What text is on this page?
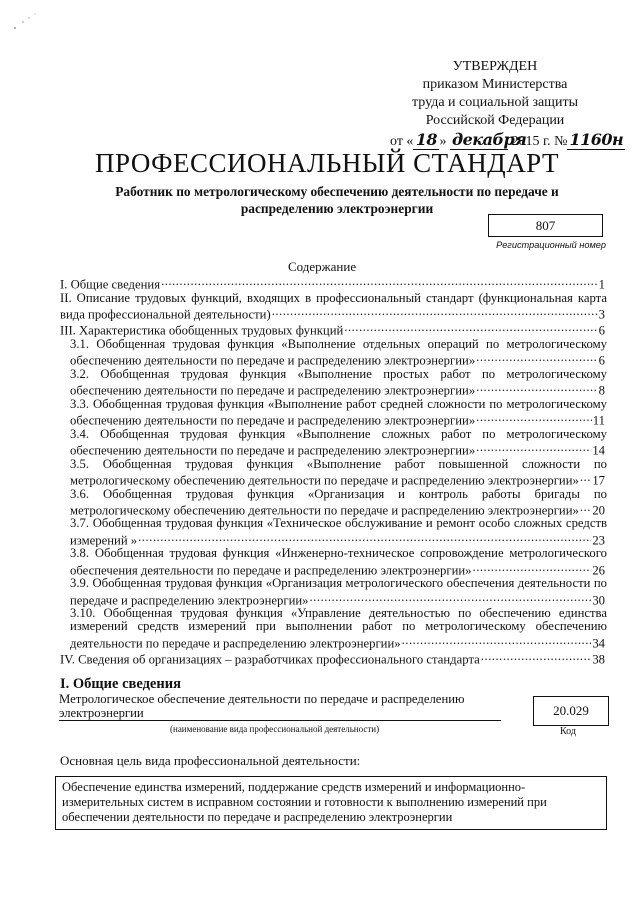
УТВЕРЖДЕН
приказом Министерства
труда и социальной защиты
Российской Федерации
от « 18 » декабря 2015 г. № 1160н
ПРОФЕССИОНАЛЬНЫЙ СТАНДАРТ
Работник по метрологическому обеспечению деятельности по передаче и распределению электроэнергии
807
Регистрационный номер
Содержание
I. Общие сведения.....	1
II. Описание трудовых функций, входящих в профессиональный стандарт (функциональная карта вида профессиональной деятельности).....	3
III. Характеристика обобщенных трудовых функций.....	6
3.1. Обобщенная трудовая функция «Выполнение отдельных операций по метрологическому обеспечению деятельности по передаче и распределению электроэнергии».....	6
3.2. Обобщенная трудовая функция «Выполнение простых работ по метрологическому обеспечению деятельности по передаче и распределению электроэнергии».....	8
3.3. Обобщенная трудовая функция «Выполнение работ средней сложности по метрологическому обеспечению деятельности по передаче и распределению электроэнергии».....	11
3.4. Обобщенная трудовая функция «Выполнение сложных работ по метрологическому обеспечению деятельности по передаче и распределению электроэнергии».....	14
3.5. Обобщенная трудовая функция «Выполнение работ повышенной сложности по метрологическому обеспечению деятельности по передаче и распределению электроэнергии»..... 17
3.6. Обобщенная трудовая функция «Организация и контроль работы бригады по метрологическому обеспечению деятельности по передаче и распределению электроэнергии»..... 20
3.7. Обобщенная трудовая функция «Техническое обслуживание и ремонт особо сложных средств измерений ».....	23
3.8. Обобщенная трудовая функция «Инженерно-техническое сопровождение метрологического обеспечения деятельности по передаче и распределению электроэнергии».....	26
3.9. Обобщенная трудовая функция «Организация метрологического обеспечения деятельности по передаче и распределению электроэнергии».....	30
3.10. Обобщенная трудовая функция «Управление деятельностью по обеспечению единства измерений средств измерений при выполнении работ по метрологическому обеспечению деятельности по передаче и распределению электроэнергии».....	34
IV. Сведения об организациях – разработчиках профессионального стандарта.....	38
I. Общие сведения
Метрологическое обеспечение деятельности по передаче и распределению электроэнергии
(наименование вида профессиональной деятельности)
20.029
Код
Основная цель вида профессиональной деятельности:
Обеспечение единства измерений, поддержание средств измерений и информационно-измерительных систем в исправном состоянии и готовности к выполнению измерений при обеспечении деятельности по передаче и распределению электроэнергии
